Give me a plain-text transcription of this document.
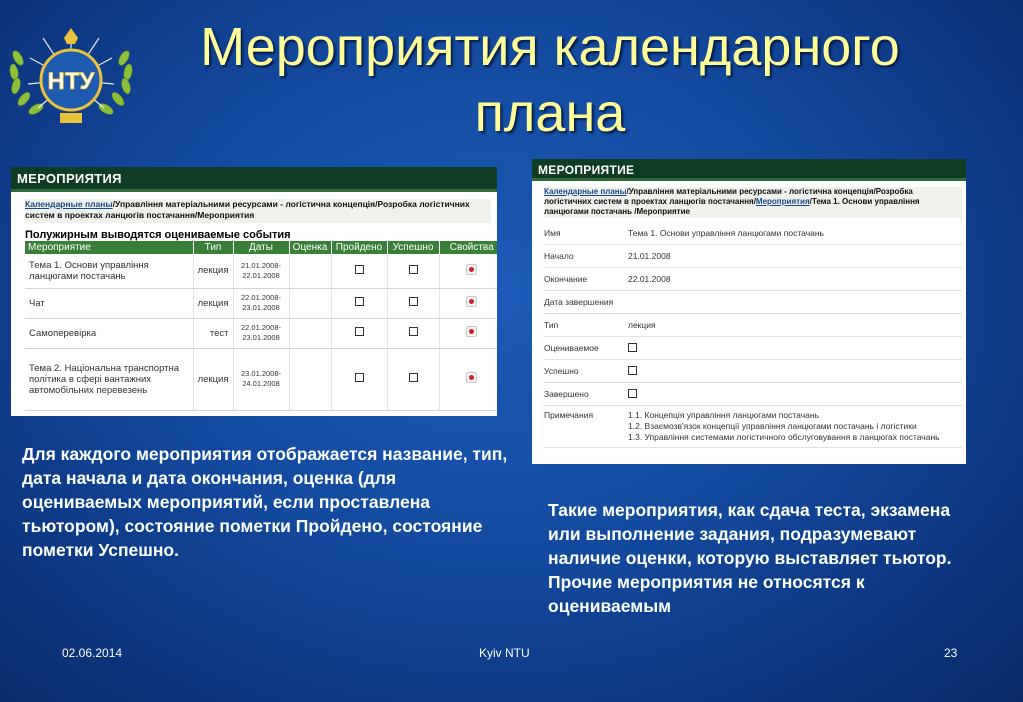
НТУ
Мероприятия календарного
плана
МЕРОПРИЯТИЯ
Календарные планы/Управління матеріальними ресурсами - логістична концепція/Розробка логістичних систем в проектах ланцюгів постачання/Мероприятия
Полужирным выводятся оцениваемые события
Мероприятие	Тип	Даты	Оценка	Пройдено	Успешно	Свойства
Тема 1. Основи управління ланцюгами постачань	лекция	21.01.2008-
22.01.2008				

Чат	лекция	22.01.2008-
23.01.2008				

Самоперевірка	тест	22.01.2008-
23.01.2008				

Тема 2. Національна транспортна політика в сфері вантажних автомобільних перевезень	лекция	23.01.2008-
24.01.2008				

МЕРОПРИЯТИЕ
Календарные планы/Управління матеріальними ресурсами - логістична концепція/Розробка логістичних систем в проектах ланцюгів постачання/Мероприятия/Тема 1. Основи управління ланцюгами постачань /Мероприятие
Имя	Тема 1. Основи управління ланцюгами постачань
Начало	21.01.2008
Окончание	22.01.2008
Дата завершения
Тип	лекция
Оцениваемое
Успешно
Завершено
Примечания	1.1. Концепція управління ланцюгами постачань
1.2. Взаємозв'язок концепції управління ланцюгами постачань і логістики
1.3. Управління системами логістичного обслуговування в ланцюгах постачань
Для каждого мероприятия отображается название, тип, дата начала и дата окончания, оценка (для оцениваемых мероприятий, если проставлена тьютором), состояние пометки Пройдено, состояние пометки Успешно.
Такие мероприятия, как сдача теста, экзамена или выполнение задания, подразумевают наличие оценки, которую выставляет тьютор. Прочие мероприятия не относятся к оцениваемым
02.06.2014	Kyiv NTU	23
